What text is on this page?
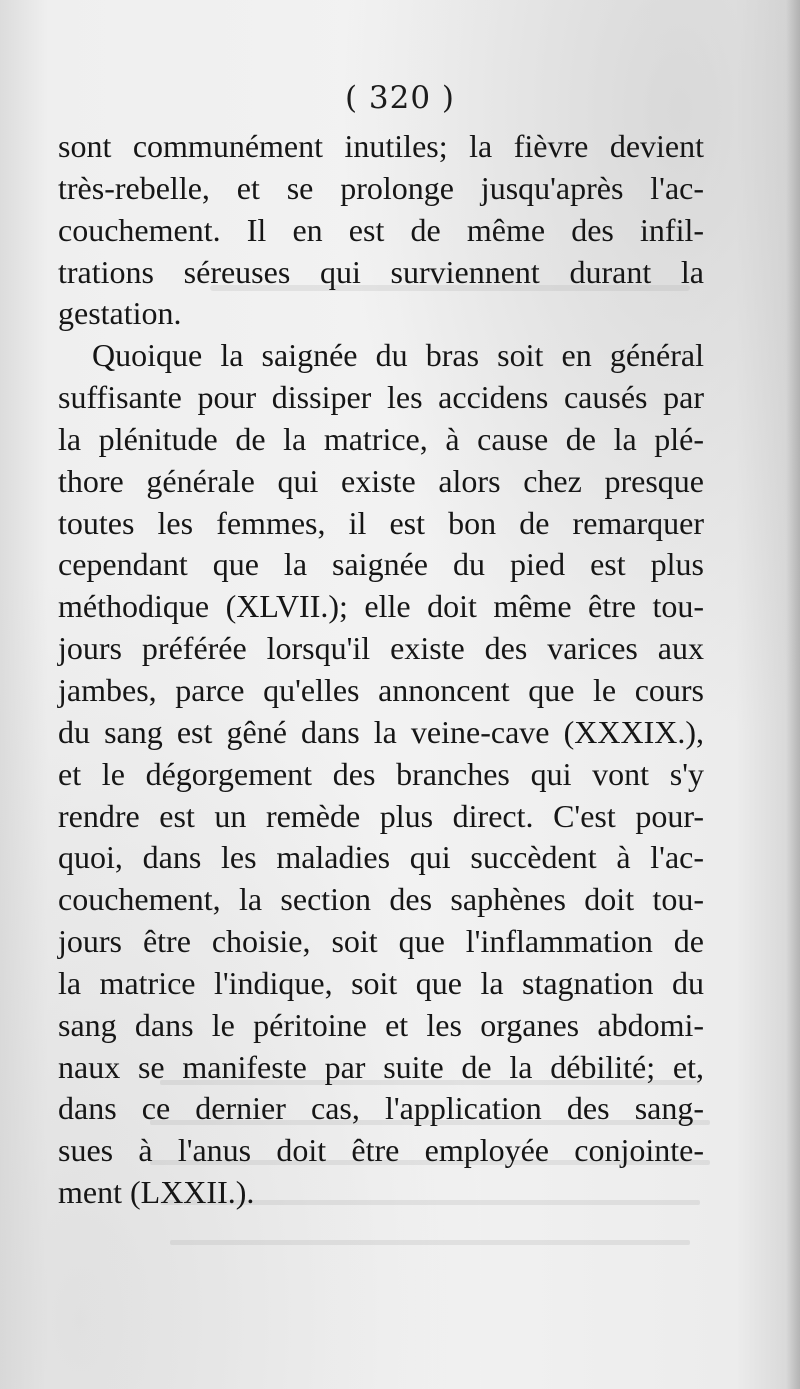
( 320 )
sont communément inutiles; la fièvre devient
très-rebelle, et se prolonge jusqu'après l'ac-
couchement. Il en est de même des infil-
trations séreuses qui surviennent durant la
gestation.
Quoique la saignée du bras soit en général
suffisante pour dissiper les accidens causés par
la plénitude de la matrice, à cause de la plé-
thore générale qui existe alors chez presque
toutes les femmes, il est bon de remarquer
cependant que la saignée du pied est plus
méthodique (XLVII.); elle doit même être tou-
jours préférée lorsqu'il existe des varices aux
jambes, parce qu'elles annoncent que le cours
du sang est gêné dans la veine-cave (XXXIX.),
et le dégorgement des branches qui vont s'y
rendre est un remède plus direct. C'est pour-
quoi, dans les maladies qui succèdent à l'ac-
couchement, la section des saphènes doit tou-
jours être choisie, soit que l'inflammation de
la matrice l'indique, soit que la stagnation du
sang dans le péritoine et les organes abdomi-
naux se manifeste par suite de la débilité; et,
dans ce dernier cas, l'application des sang-
sues à l'anus doit être employée conjointe-
ment (LXXII.).
